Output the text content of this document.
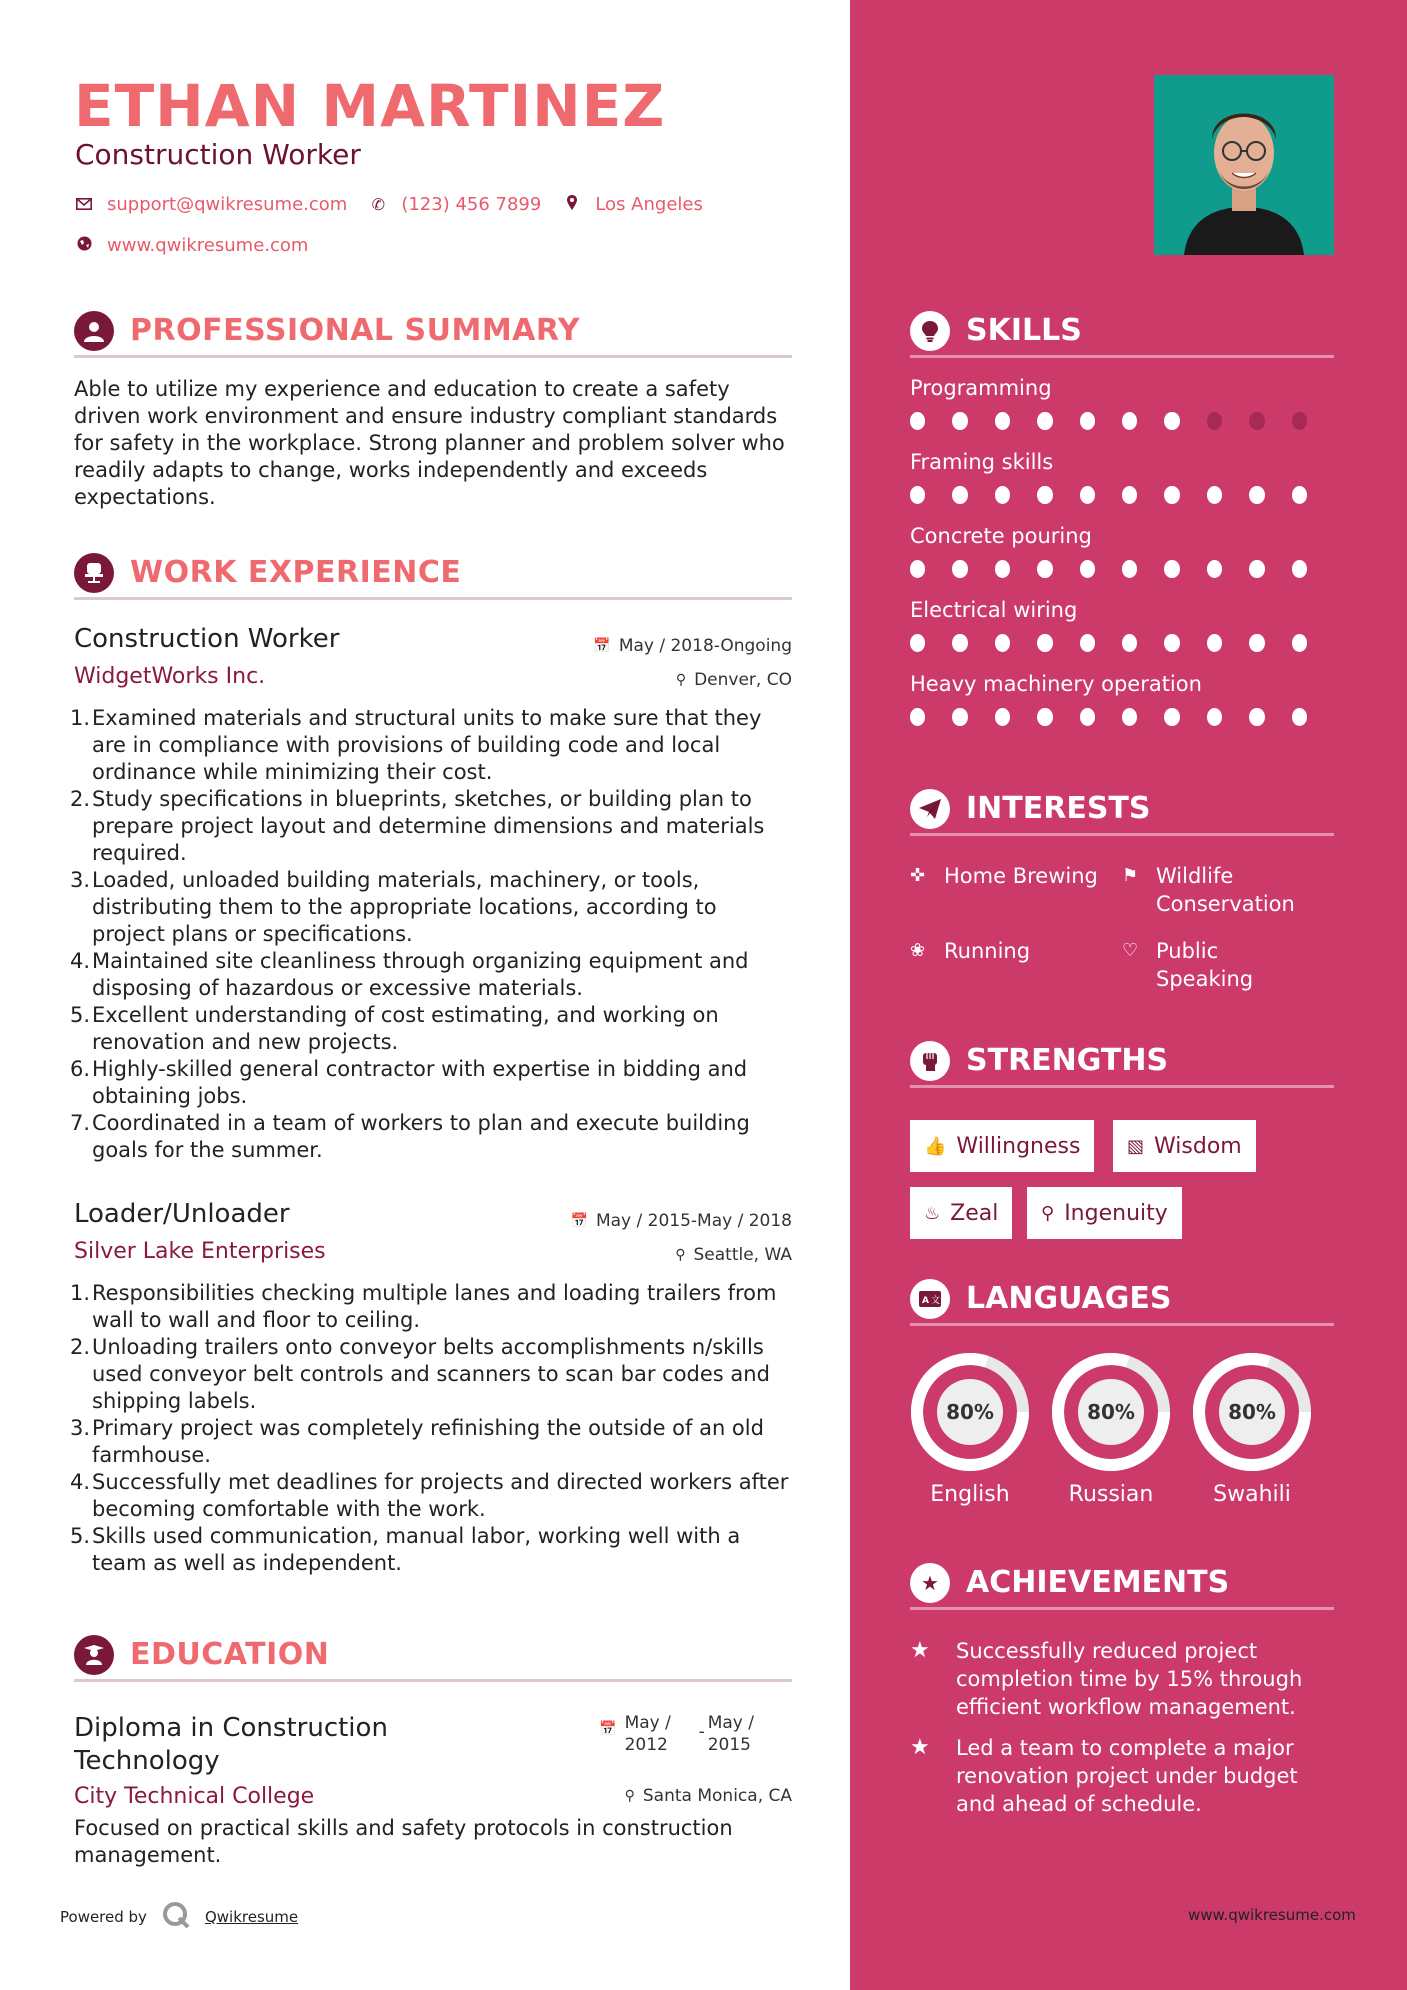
ETHAN MARTINEZ
Construction Worker
support@qwikresume.com ✆ (123) 456 7899	Los Angeles
www.qwikresume.com
PROFESSIONAL SUMMARY

Able to utilize my experience and education to create a safety driven work environment and ensure industry compliant standards for safety in the workplace. Strong planner and problem solver who readily adapts to change, works independently and exceeds expectations.

WORK EXPERIENCE
Construction Worker	📅 May / 2018-Ongoing
WidgetWorks Inc.	⚲ Denver, CO
1. Examined materials and structural units to make sure that they are in compliance with provisions of building code and local ordinance while minimizing their cost.
2. Study specifications in blueprints, sketches, or building plan to prepare project layout and determine dimensions and materials required.
3. Loaded, unloaded building materials, machinery, or tools, distributing them to the appropriate locations, according to project plans or specifications.
4. Maintained site cleanliness through organizing equipment and disposing of hazardous or excessive materials.
5. Excellent understanding of cost estimating, and working on renovation and new projects.
6. Highly-skilled general contractor with expertise in bidding and obtaining jobs.
7. Coordinated in a team of workers to plan and execute building goals for the summer.
Loader/Unloader	📅 May / 2015-May / 2018
Silver Lake Enterprises	⚲ Seattle, WA
1. Responsibilities checking multiple lanes and loading trailers from wall to wall and floor to ceiling.
2. Unloading trailers onto conveyor belts accomplishments n/skills used conveyor belt controls and scanners to scan bar codes and shipping labels.
3. Primary project was completely refinishing the outside of an old farmhouse.
4. Successfully met deadlines for projects and directed workers after becoming comfortable with the work.
5. Skills used communication, manual labor, working well with a team as well as independent.
EDUCATION
Diploma in Construction
Technology
📅 May /
2012
- May /
2015
City Technical College	⚲ Santa Monica, CA

Focused on practical skills and safety protocols in construction management.

Powered by	Qwikresume
SKILLS
Programming
Framing skills
Concrete pouring
Electrical wiring
Heavy machinery operation
INTERESTS
✜ Home Brewing ⚑ Wildlife
Conservation
❀ Running	♡ Public
Speaking
STRENGTHS
👍 Willingness	▧ Wisdom
♨ Zeal ⚲ Ingenuity
A 文 LANGUAGES
80%
English
80%
Russian
80%
Swahili
★ ACHIEVEMENTS
★	Successfully reduced project completion time by 15% through efficient workflow management.
★	Led a team to complete a major renovation project under budget and ahead of schedule.
www.qwikresume.com
